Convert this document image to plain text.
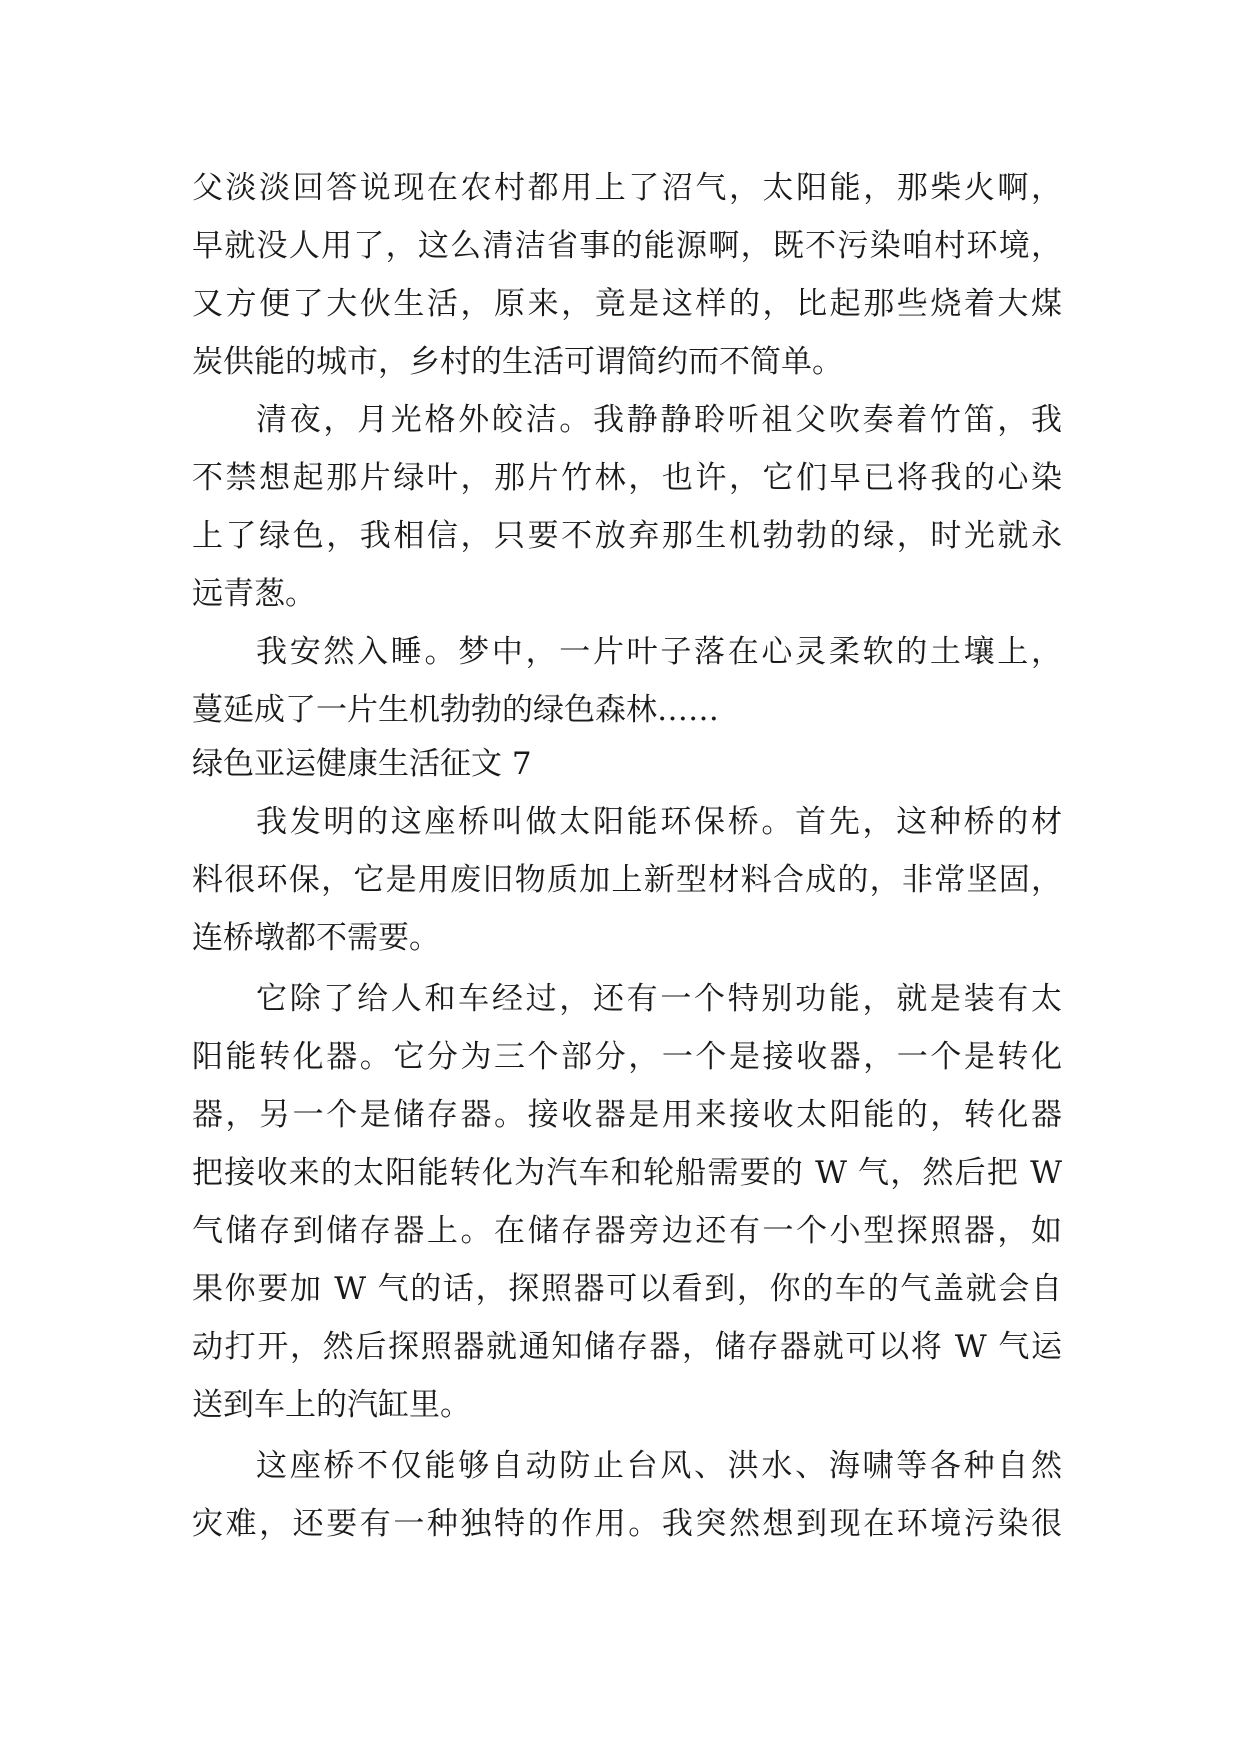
父淡淡回答说现在农村都用上了沼气，太阳能，那柴火啊，
早就没人用了，这么清洁省事的能源啊，既不污染咱村环境，
又方便了大伙生活，原来，竟是这样的，比起那些烧着大煤
炭供能的城市，乡村的生活可谓简约而不简单。
清夜，月光格外皎洁。我静静聆听祖父吹奏着竹笛，我
不禁想起那片绿叶，那片竹林，也许，它们早已将我的心染
上了绿色，我相信，只要不放弃那生机勃勃的绿，时光就永
远青葱。
我安然入睡。梦中，一片叶子落在心灵柔软的土壤上，
蔓延成了一片生机勃勃的绿色森林……
绿色亚运健康生活征文 7
我发明的这座桥叫做太阳能环保桥。首先，这种桥的材
料很环保，它是用废旧物质加上新型材料合成的，非常坚固，
连桥墩都不需要。
它除了给人和车经过，还有一个特别功能，就是装有太
阳能转化器。它分为三个部分，一个是接收器，一个是转化
器，另一个是储存器。接收器是用来接收太阳能的，转化器
把接收来的太阳能转化为汽车和轮船需要的 W 气，然后把 W
气储存到储存器上。在储存器旁边还有一个小型探照器，如
果你要加 W 气的话，探照器可以看到，你的车的气盖就会自
动打开，然后探照器就通知储存器，储存器就可以将 W 气运
送到车上的汽缸里。
这座桥不仅能够自动防止台风、洪水、海啸等各种自然
灾难，还要有一种独特的作用。我突然想到现在环境污染很
